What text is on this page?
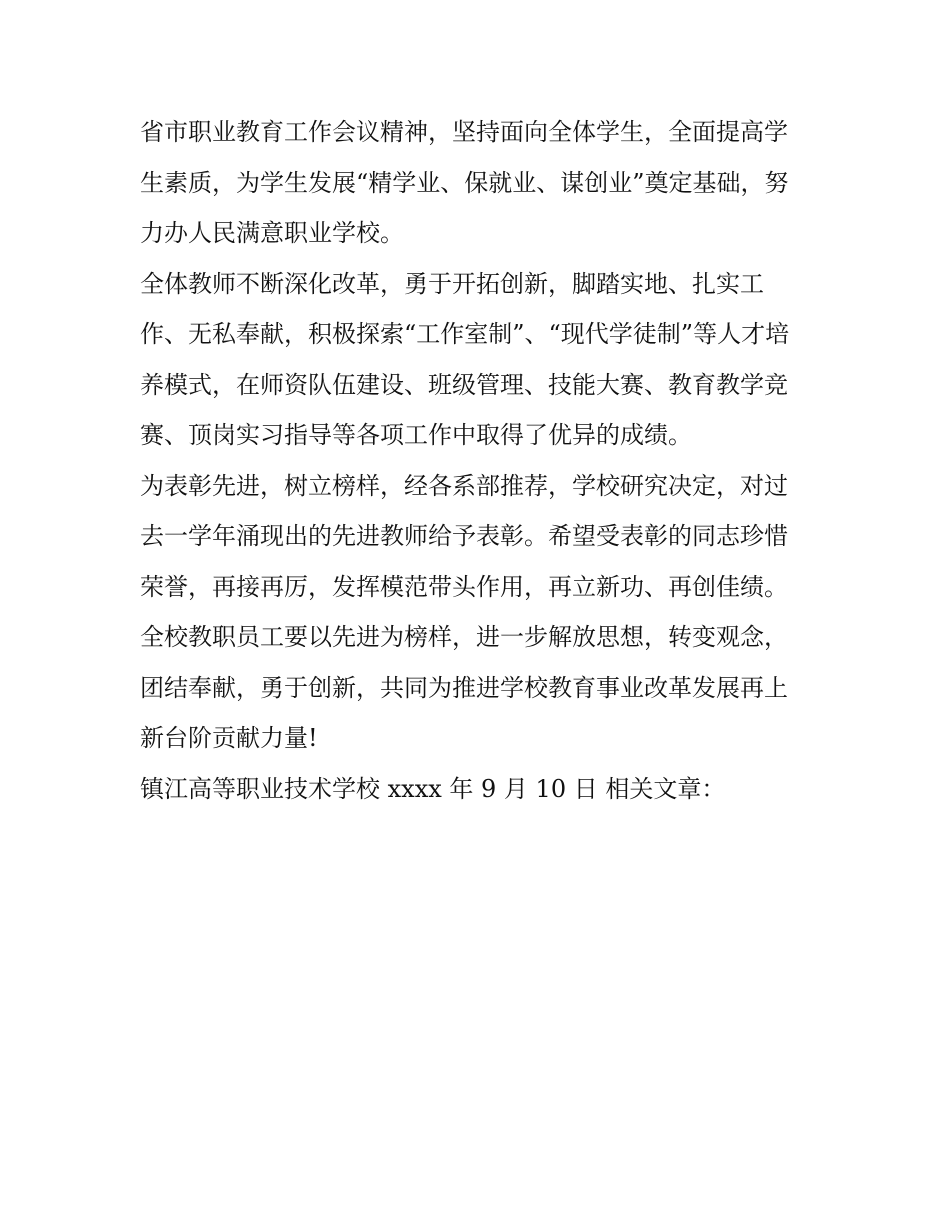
省市职业教育工作会议精神，坚持面向全体学生，全面提高学
生素质，为学生发展“精学业、保就业、谋创业”奠定基础，努
力办人民满意职业学校。
全体教师不断深化改革，勇于开拓创新，脚踏实地、扎实工
作、无私奉献，积极探索“工作室制”、“现代学徒制”等人才培
养模式，在师资队伍建设、班级管理、技能大赛、教育教学竞
赛、顶岗实习指导等各项工作中取得了优异的成绩。
为表彰先进，树立榜样，经各系部推荐，学校研究决定，对过
去一学年涌现出的先进教师给予表彰。希望受表彰的同志珍惜
荣誉，再接再厉，发挥模范带头作用，再立新功、再创佳绩。
全校教职员工要以先进为榜样，进一步解放思想，转变观念，
团结奉献，勇于创新，共同为推进学校教育事业改革发展再上
新台阶贡献力量!
镇江高等职业技术学校 xxxx 年 9 月 10 日 相关文章：
